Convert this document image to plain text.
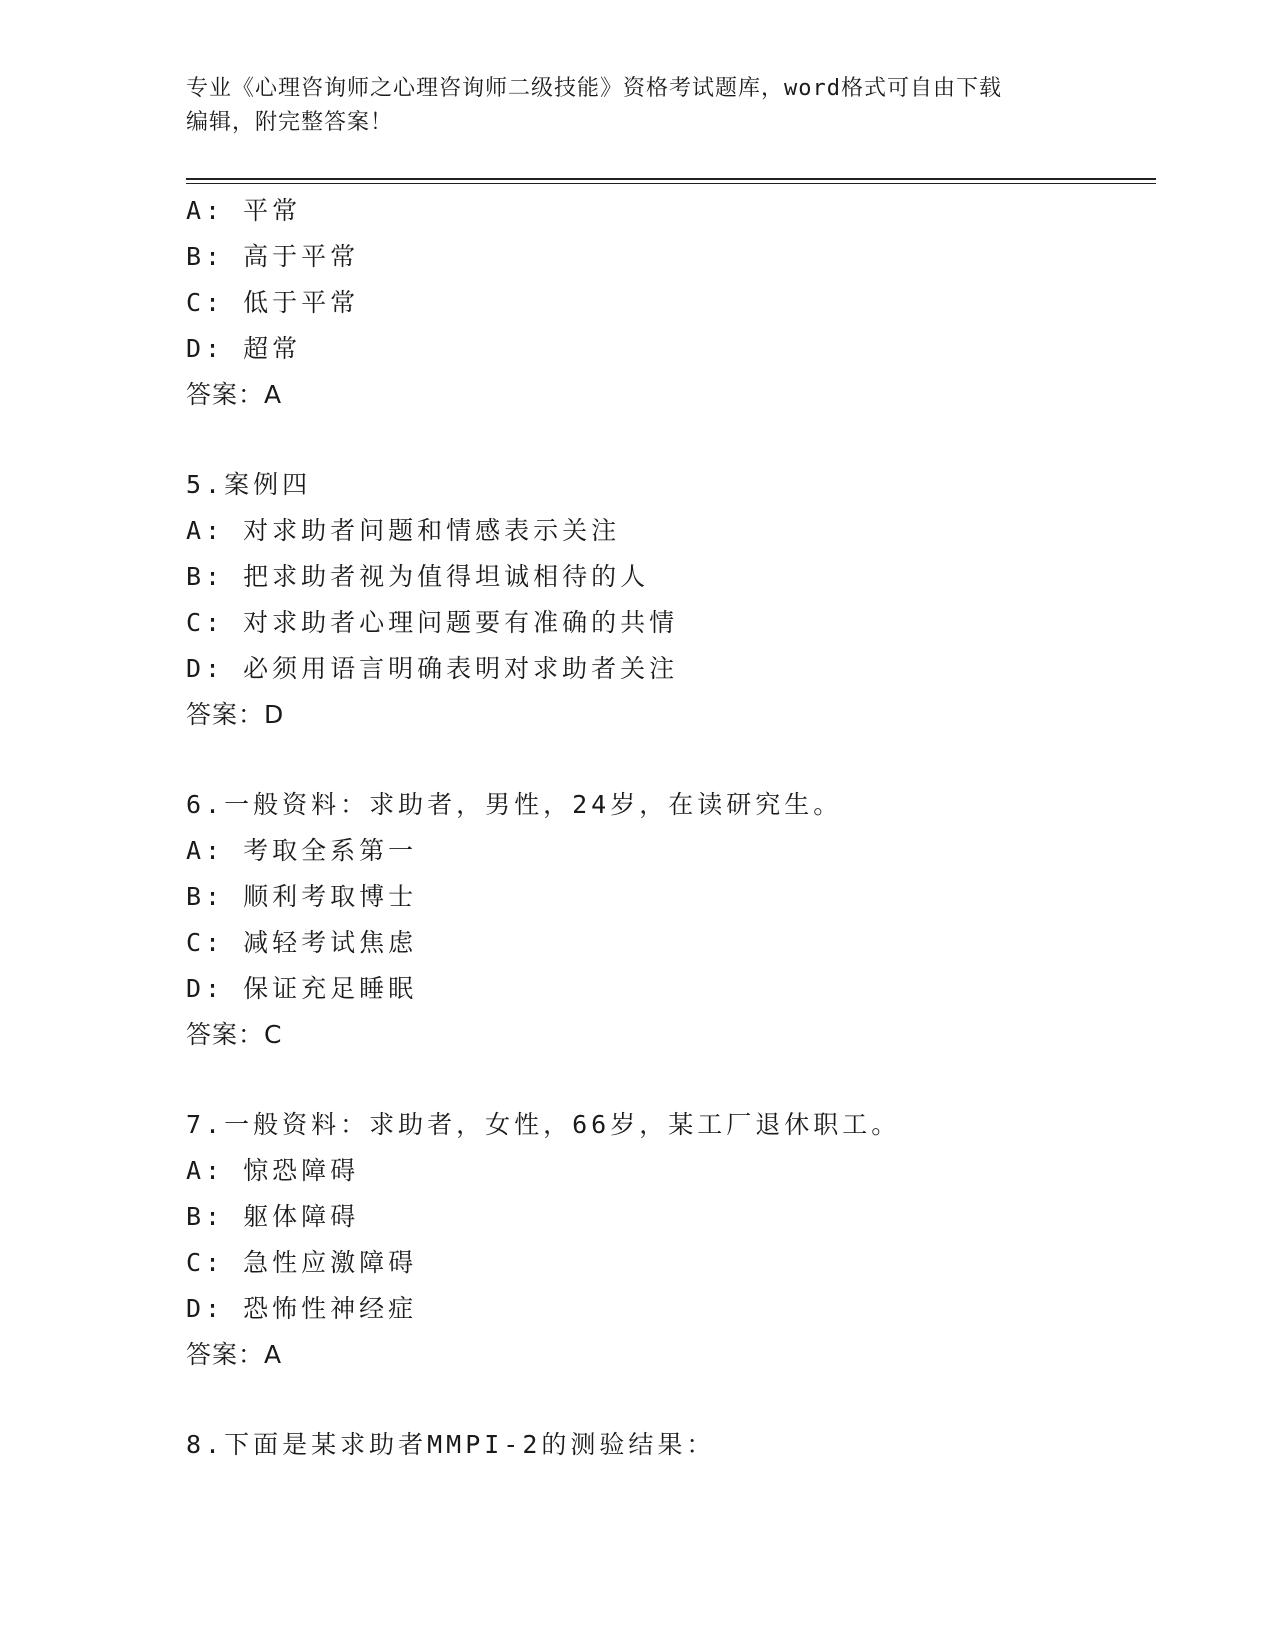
专业《心理咨询师之心理咨询师二级技能》资格考试题库，word格式可自由下载
编辑，附完整答案！
A: 平常
B: 高于平常
C: 低于平常
D: 超常
答案：A
5.案例四
A: 对求助者问题和情感表示关注
B: 把求助者视为值得坦诚相待的人
C: 对求助者心理问题要有准确的共情
D: 必须用语言明确表明对求助者关注
答案：D
6.一般资料：求助者，男性，24岁，在读研究生。
A: 考取全系第一
B: 顺利考取博士
C: 减轻考试焦虑
D: 保证充足睡眠
答案：C
7.一般资料：求助者，女性，66岁，某工厂退休职工。
A: 惊恐障碍
B: 躯体障碍
C: 急性应激障碍
D: 恐怖性神经症
答案：A
8.下面是某求助者MMPI-2的测验结果：
